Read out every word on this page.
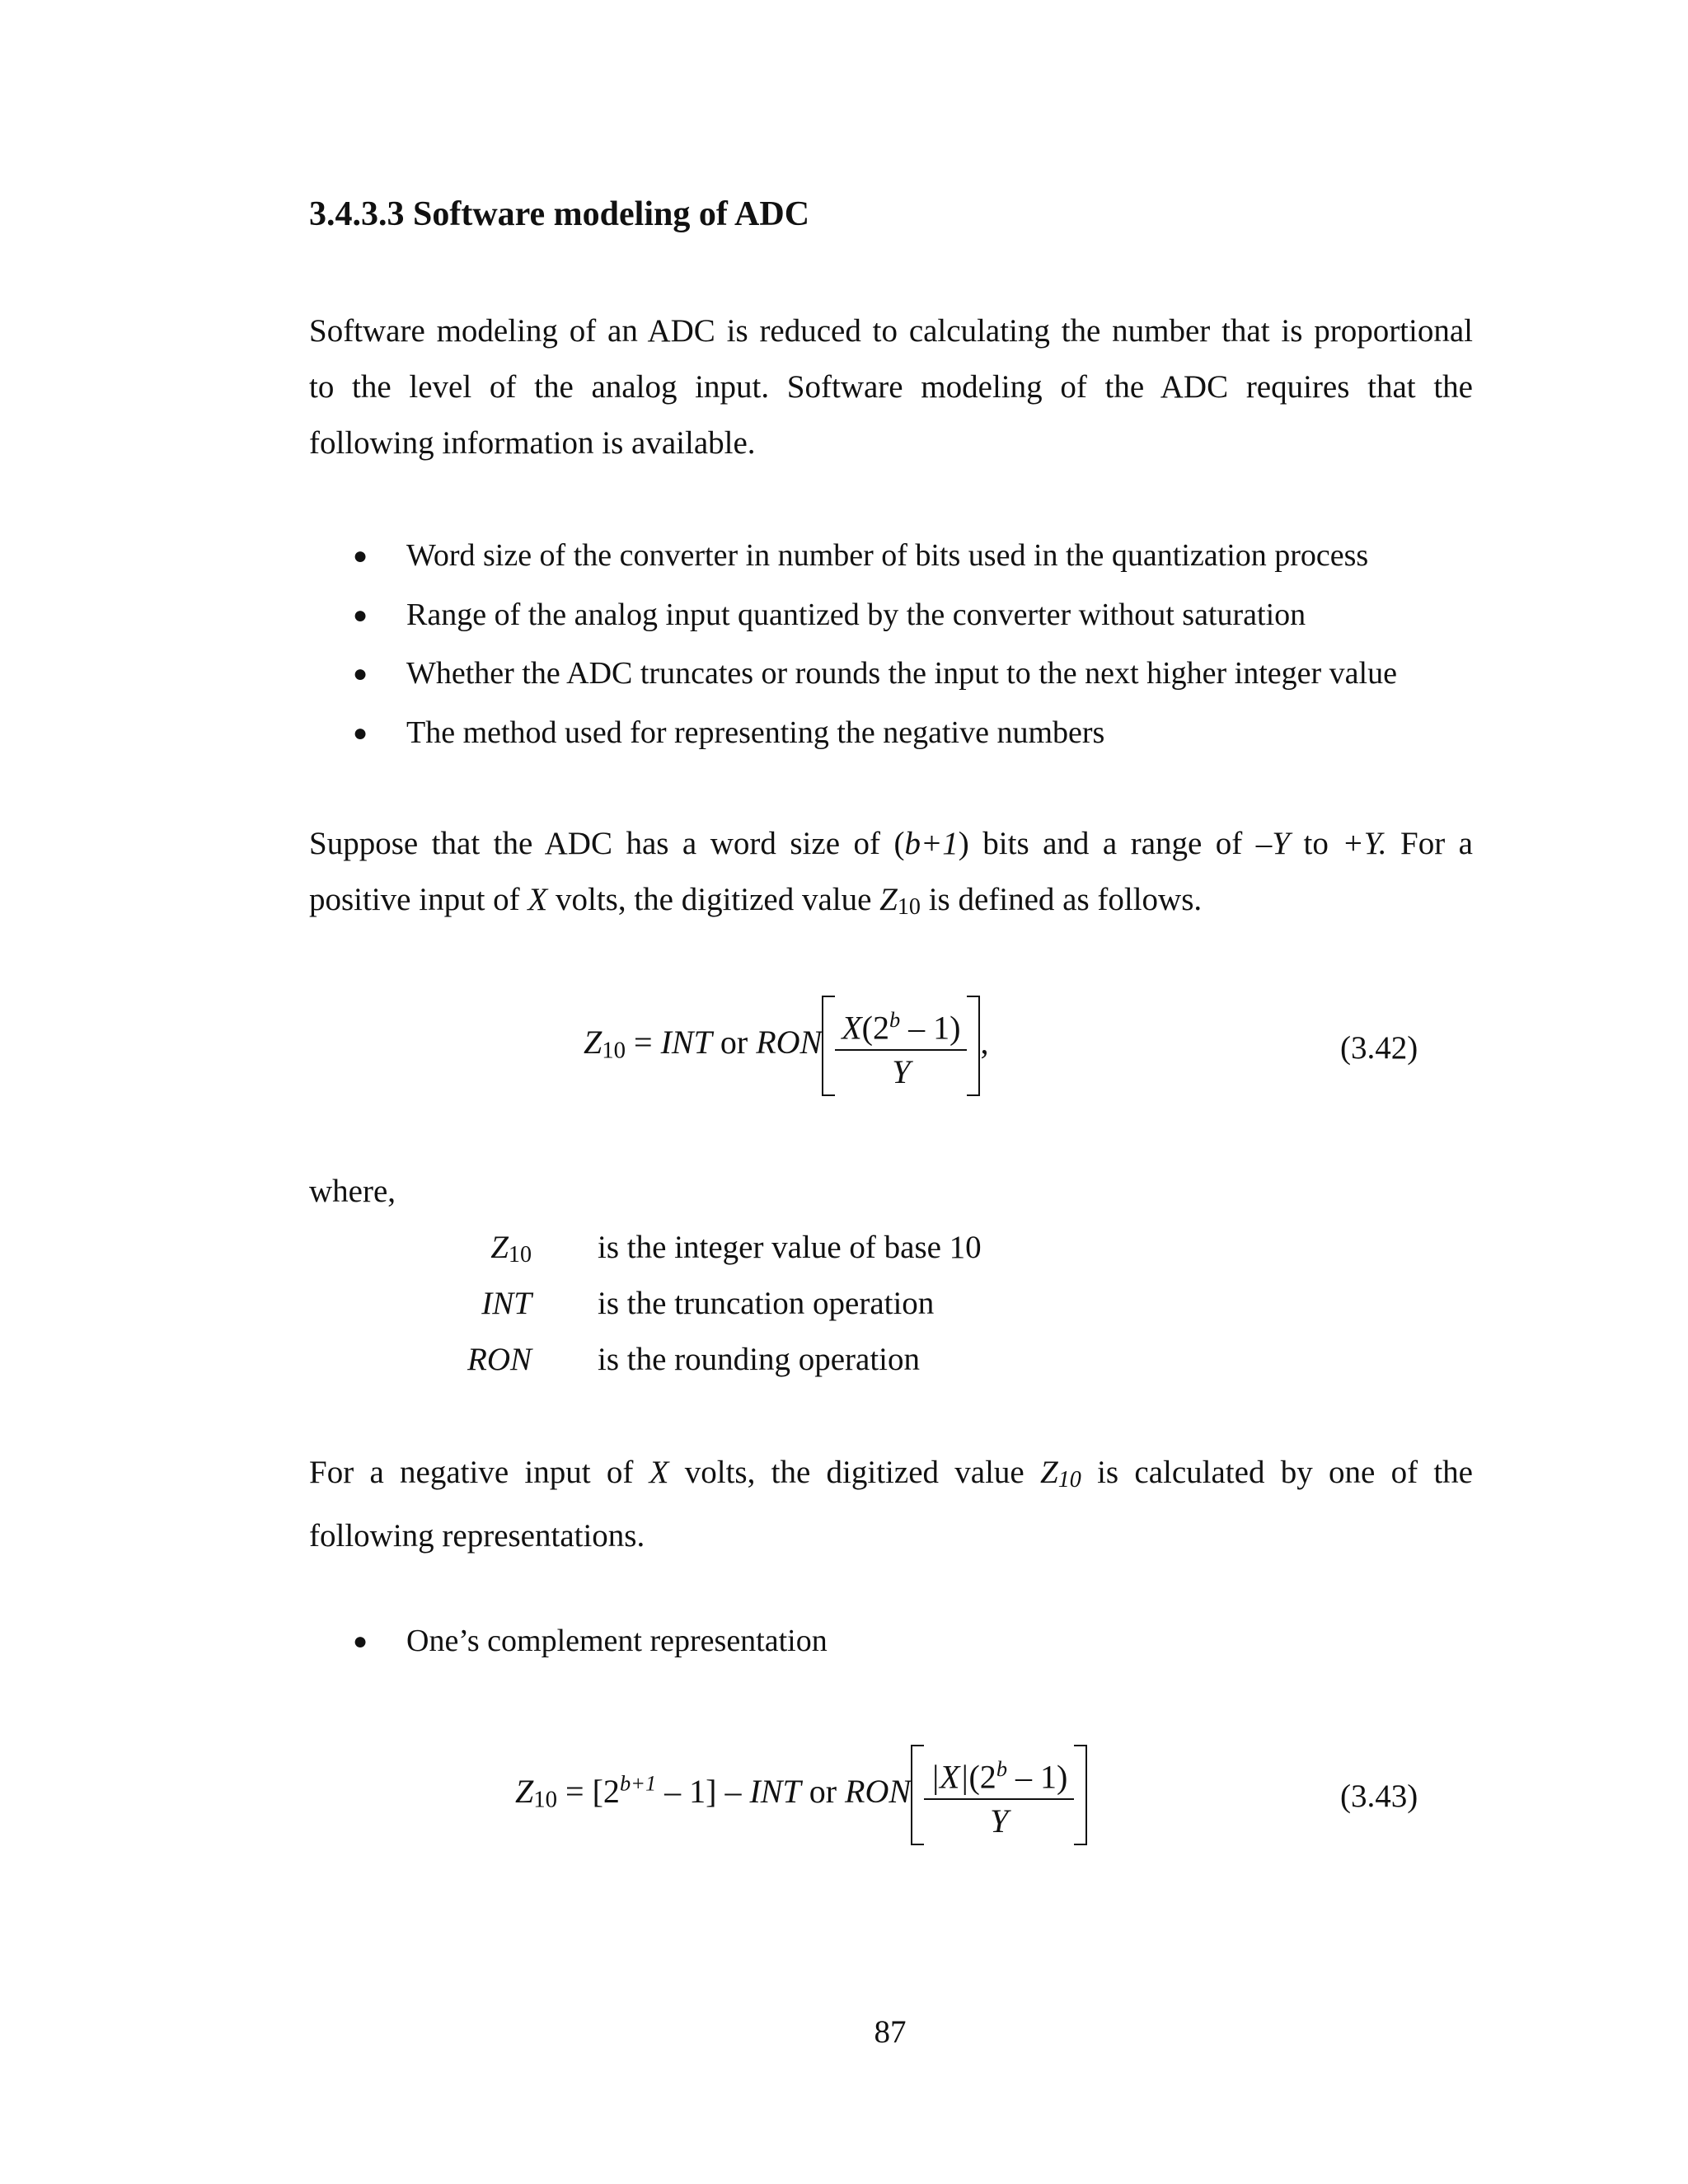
3.4.3.3 Software modeling of ADC
Software modeling of an ADC is reduced to calculating the number that is proportional
to the level of the analog input. Software modeling of the ADC requires that the
following information is available.
● Word size of the converter in number of bits used in the quantization process
● Range of the analog input quantized by the converter without saturation
● Whether the ADC truncates or rounds the input to the next higher integer value
● The method used for representing the negative numbers
Suppose that the ADC has a word size of (b+1) bits and a range of –Y to +Y. For a
positive input of X volts, the digitized value $Z_{10}$ is defined as follows.
$Z_{10}$ = INT or RON $\frac{X(2^b - 1)}{Y}$ ,	(3.42)
where,
$Z_{10}$ is the integer value of base 10
INT is the truncation operation
RON is the rounding operation
For a negative input of X volts, the digitized value $Z_{10}$ is calculated by one of the
following representations.
● One’s complement representation
$Z_{10} = [2^{b+1} - 1]$ – INT or RON $\frac{|X|(2^b - 1)}{Y}$	(3.43)
87
